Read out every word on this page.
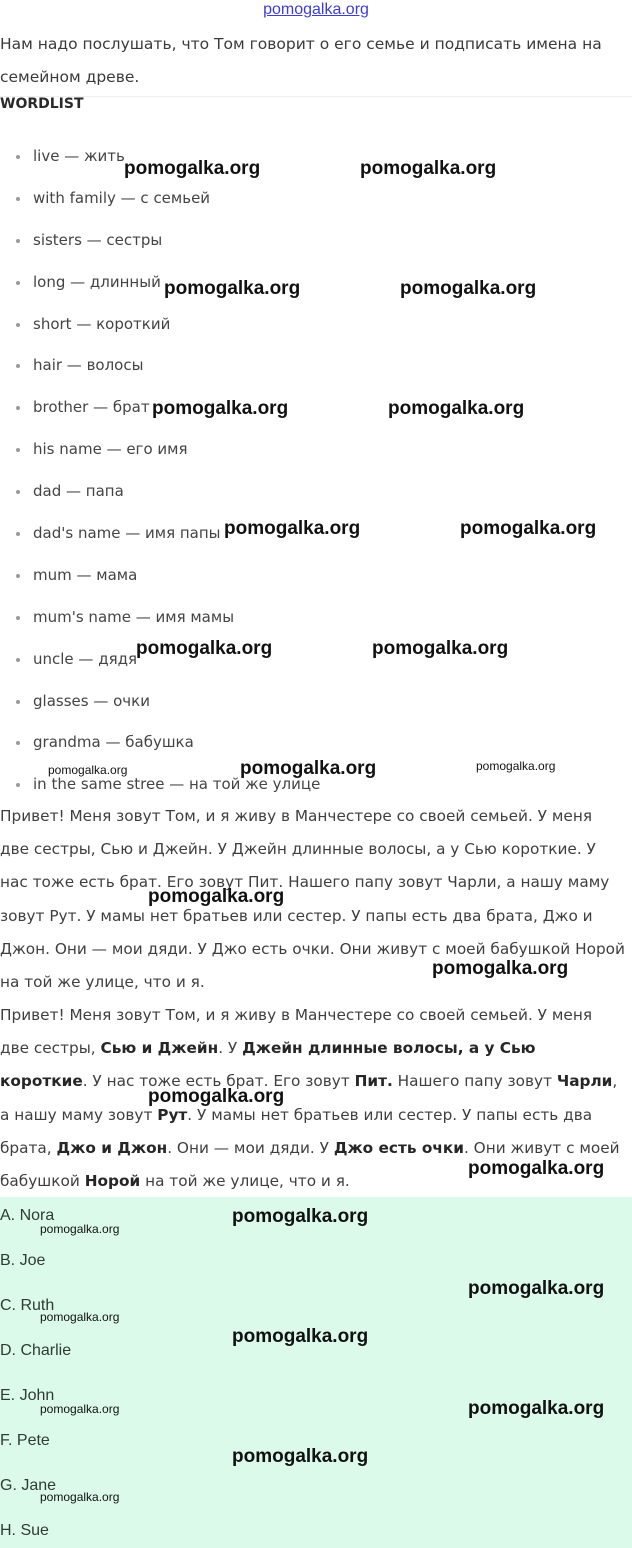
pomogalka.org
Нам надо послушать, что Том говорит о его семье и подписать имена на семейном древе.
WORDLIST
live — жить
with family — с семьей
sisters — сестры
long — длинный
short — короткий
hair — волосы
brother — брат
his name — его имя
dad — папа
dad's name — имя папы
mum — мама
mum's name — имя мамы
uncle — дядя
glasses — очки
grandma — бабушка
in the same stree — на той же улице
Привет! Меня зовут Том, и я живу в Манчестере со своей семьей. У меня две сестры, Сью и Джейн. У Джейн длинные волосы, а у Сью короткие. У нас тоже есть брат. Его зовут Пит. Нашего папу зовут Чарли, а нашу маму зовут Рут. У мамы нет братьев или сестер. У папы есть два брата, Джо и Джон. Они — мои дяди. У Джо есть очки. Они живут с моей бабушкой Норой на той же улице, что и я.
Привет! Меня зовут Том, и я живу в Манчестере со своей семьей. У меня две сестры, Сью и Джейн. У Джейн длинные волосы, а у Сью короткие. У нас тоже есть брат. Его зовут Пит. Нашего папу зовут Чарли, а нашу маму зовут Рут. У мамы нет братьев или сестер. У папы есть два брата, Джо и Джон. Они — мои дяди. У Джо есть очки. Они живут с моей бабушкой Норой на той же улице, что и я.
A. Nora
B. Joe
C. Ruth
D. Charlie
E. John
F. Pete
G. Jane
H. Sue
pomogalka.org	pomogalka.org
pomogalka.org	pomogalka.org
pomogalka.org	pomogalka.org
pomogalka.org	pomogalka.org
pomogalka.org	pomogalka.org
pomogalka.org
pomogalka.org	pomogalka.org
pomogalka.org
pomogalka.org
pomogalka.org
pomogalka.org
pomogalka.org
pomogalka.org
pomogalka.org
pomogalka.org
pomogalka.org
pomogalka.org	pomogalka.org
pomogalka.org
pomogalka.org
